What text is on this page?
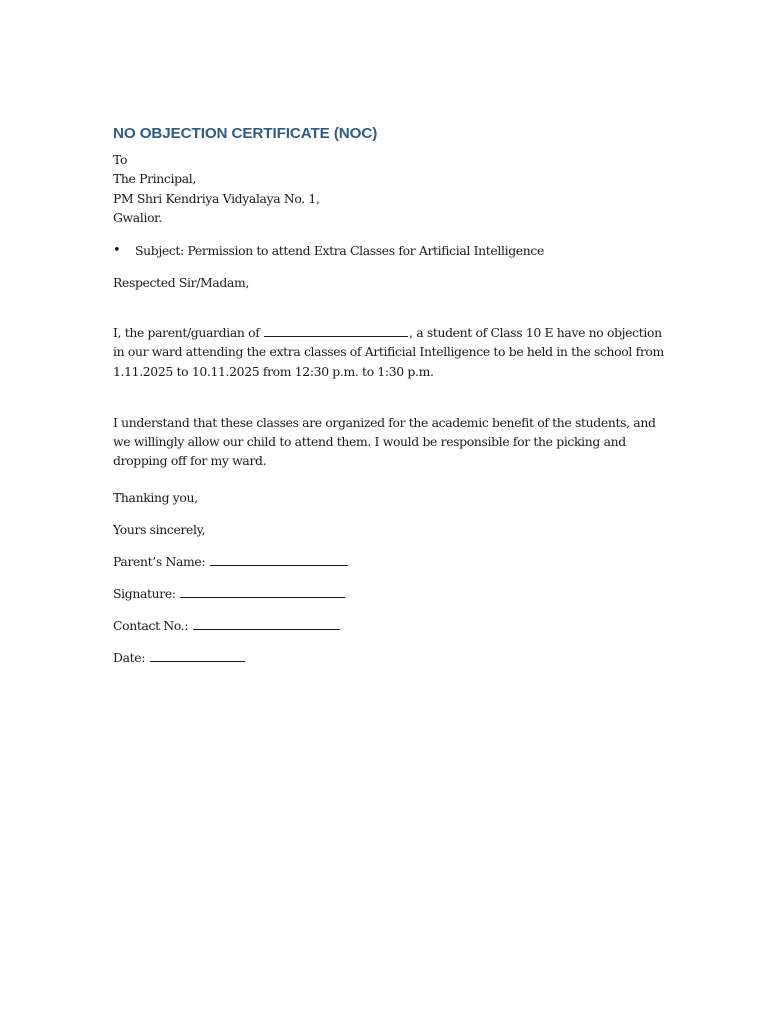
NO OBJECTION CERTIFICATE (NOC)
To
The Principal,
PM Shri Kendriya Vidyalaya No. 1,
Gwalior.
•	Subject: Permission to attend Extra Classes for Artificial Intelligence
Respected Sir/Madam,
I, the parent/guardian of	, a student of Class 10 E have no objection
in our ward attending the extra classes of Artificial Intelligence to be held in the school from
1.11.2025 to 10.11.2025 from 12:30 p.m. to 1:30 p.m.
I understand that these classes are organized for the academic benefit of the students, and
we willingly allow our child to attend them. I would be responsible for the picking and
dropping off for my ward.
Thanking you,
Yours sincerely,
Parent’s Name:
Signature:
Contact No.:
Date:
